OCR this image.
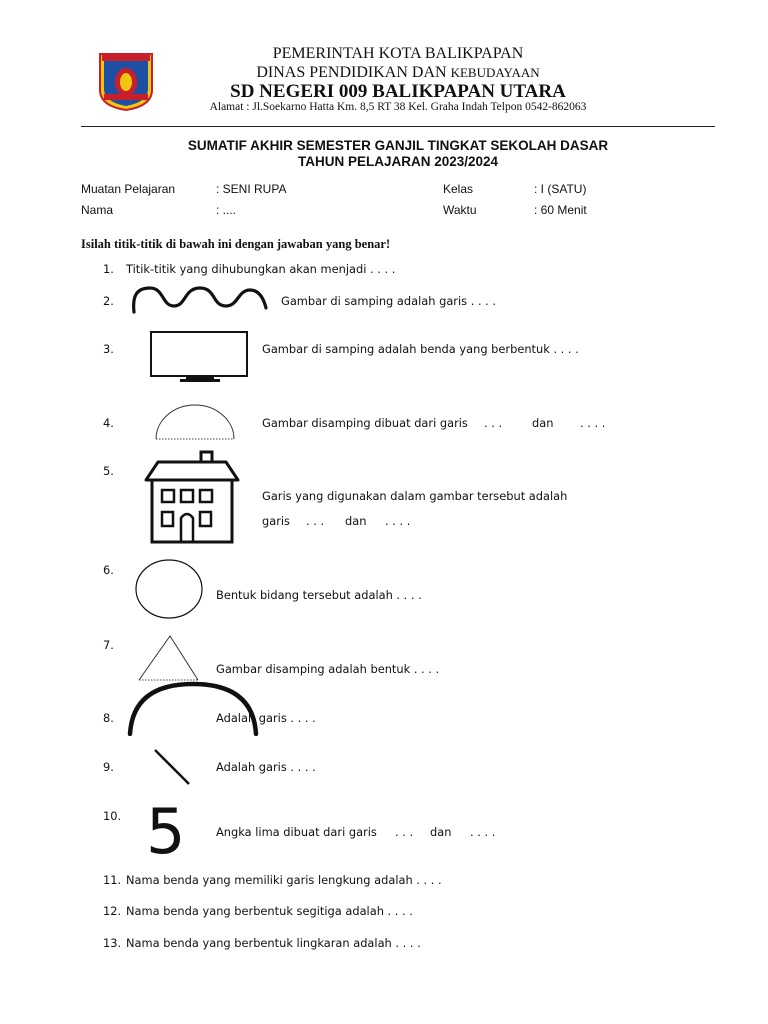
PEMERINTAH KOTA BALIKPAPAN
DINAS PENDIDIKAN DAN KEBUDAYAAN
SD NEGERI 009 BALIKPAPAN UTARA
Alamat : Jl.Soekarno Hatta Km. 8,5 RT 38 Kel. Graha Indah Telpon 0542-862063
SUMATIF AKHIR SEMESTER GANJIL TINGKAT SEKOLAH DASAR
TAHUN PELAJARAN 2023/2024
Muatan Pelajaran	: SENI RUPA	Kelas	: I (SATU)
Nama	: ....	Waktu	: 60 Menit
Isilah titik-titik di bawah ini dengan jawaban yang benar!
1. Titik-titik yang dihubungkan akan menjadi . . . .
2.	Gambar di samping adalah garis . . . .
3.	Gambar di samping adalah benda yang berbentuk . . . .
4.	Gambar disamping dibuat dari garis . . .	dan . . . .
5.
Garis yang digunakan dalam gambar tersebut adalah
garis . . . dan . . . .
6.
Bentuk bidang tersebut adalah . . . .
7.
Gambar disamping adalah bentuk . . . .
8.	Adalah garis . . . .
9.	Adalah garis . . . .
10. 5	Angka lima dibuat dari garis . . . dan . . . .
11. Nama benda yang memiliki garis lengkung adalah . . . .
12. Nama benda yang berbentuk segitiga adalah . . . .
13. Nama benda yang berbentuk lingkaran adalah . . . .
